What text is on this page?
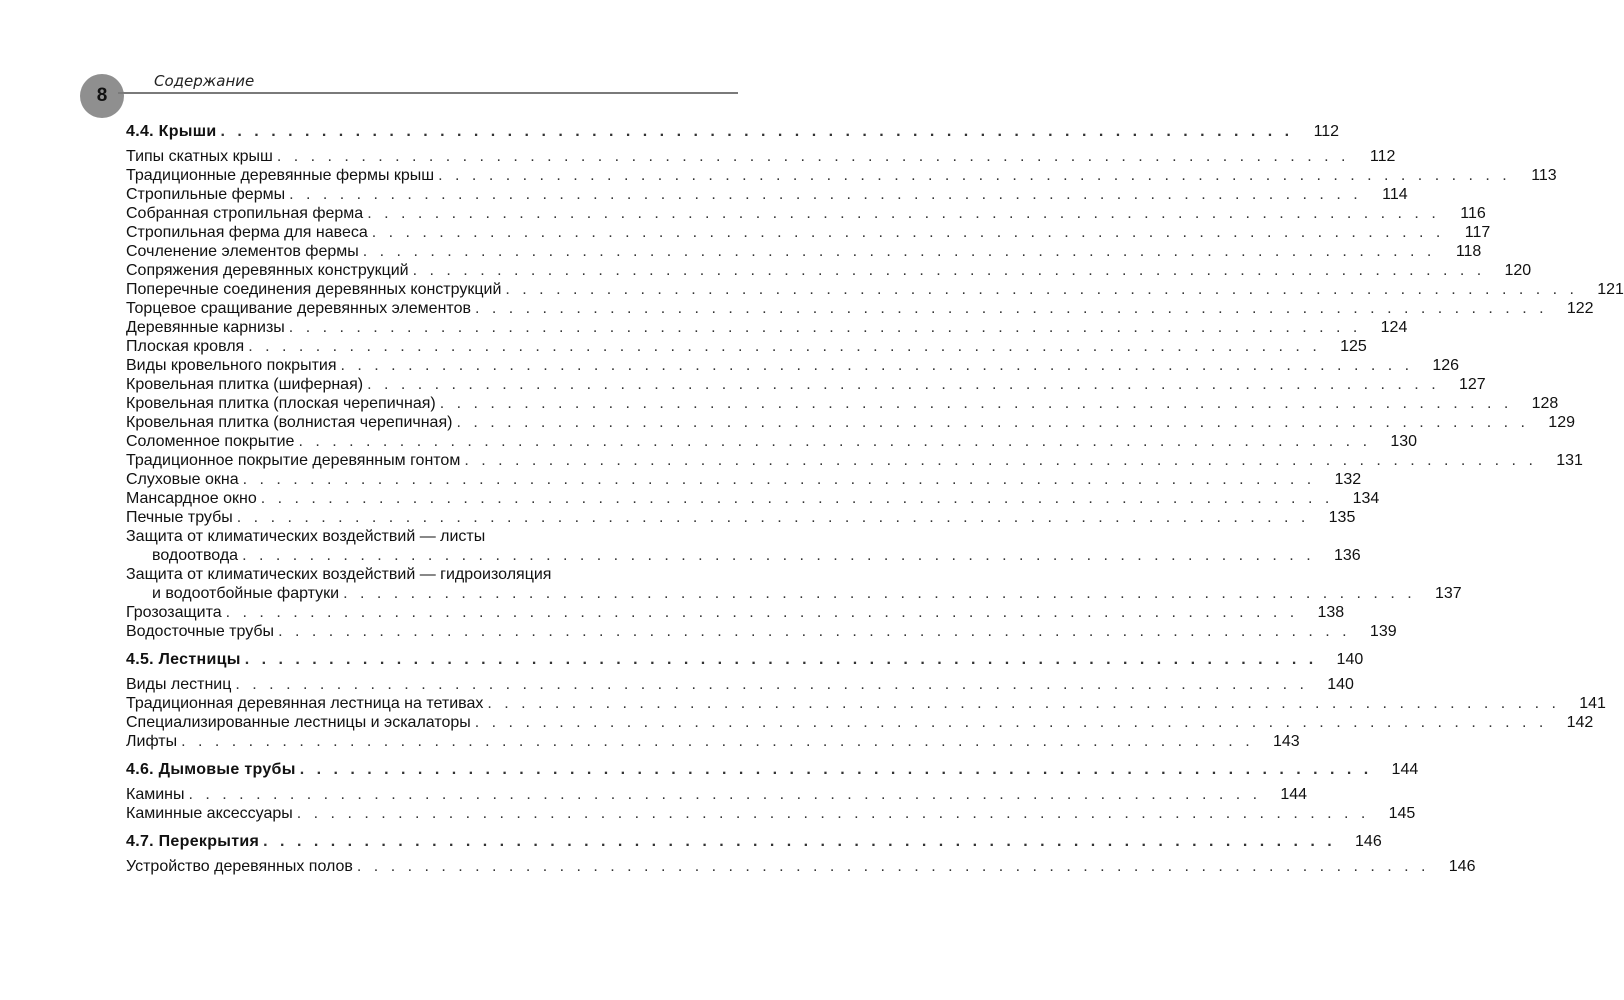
8
Содержание
4.4. Крыши . . . . . . . . . . . . . . . . . . . . . . . . . . . . . . . . . . . . . . . . . . . . . . . . . . . . . . . . . . . . . . . .	112
Типы скатных крыш . . . . . . . . . . . . . . . . . . . . . . . . . . . . . . . . . . . . . . . . . . . . . . . . . . . . . . . . . . . . . . . .	112
Традиционные деревянные фермы крыш . . . . . . . . . . . . . . . . . . . . . . . . . . . . . . . . . . . . . . . . . . . . . . . . . . . . . . . . . . . . . . . .	113
Стропильные фермы . . . . . . . . . . . . . . . . . . . . . . . . . . . . . . . . . . . . . . . . . . . . . . . . . . . . . . . . . . . . . . . .	114
Собранная стропильная ферма . . . . . . . . . . . . . . . . . . . . . . . . . . . . . . . . . . . . . . . . . . . . . . . . . . . . . . . . . . . . . . . .	116
Стропильная ферма для навеса . . . . . . . . . . . . . . . . . . . . . . . . . . . . . . . . . . . . . . . . . . . . . . . . . . . . . . . . . . . . . . . .	117
Сочленение элементов фермы . . . . . . . . . . . . . . . . . . . . . . . . . . . . . . . . . . . . . . . . . . . . . . . . . . . . . . . . . . . . . . . .	118
Сопряжения деревянных конструкций . . . . . . . . . . . . . . . . . . . . . . . . . . . . . . . . . . . . . . . . . . . . . . . . . . . . . . . . . . . . . . . .	120
Поперечные соединения деревянных конструкций . . . . . . . . . . . . . . . . . . . . . . . . . . . . . . . . . . . . . . . . . . . . . . . . . . . . . . . . . . . . . . . .	121
Торцевое сращивание деревянных элементов . . . . . . . . . . . . . . . . . . . . . . . . . . . . . . . . . . . . . . . . . . . . . . . . . . . . . . . . . . . . . . . .	122
Деревянные карнизы . . . . . . . . . . . . . . . . . . . . . . . . . . . . . . . . . . . . . . . . . . . . . . . . . . . . . . . . . . . . . . . .	124
Плоская кровля . . . . . . . . . . . . . . . . . . . . . . . . . . . . . . . . . . . . . . . . . . . . . . . . . . . . . . . . . . . . . . . .	125
Виды кровельного покрытия . . . . . . . . . . . . . . . . . . . . . . . . . . . . . . . . . . . . . . . . . . . . . . . . . . . . . . . . . . . . . . . .	126
Кровельная плитка (шиферная) . . . . . . . . . . . . . . . . . . . . . . . . . . . . . . . . . . . . . . . . . . . . . . . . . . . . . . . . . . . . . . . .	127
Кровельная плитка (плоская черепичная) . . . . . . . . . . . . . . . . . . . . . . . . . . . . . . . . . . . . . . . . . . . . . . . . . . . . . . . . . . . . . . . .	128
Кровельная плитка (волнистая черепичная) . . . . . . . . . . . . . . . . . . . . . . . . . . . . . . . . . . . . . . . . . . . . . . . . . . . . . . . . . . . . . . . .	129
Соломенное покрытие . . . . . . . . . . . . . . . . . . . . . . . . . . . . . . . . . . . . . . . . . . . . . . . . . . . . . . . . . . . . . . . .	130
Традиционное покрытие деревянным гонтом . . . . . . . . . . . . . . . . . . . . . . . . . . . . . . . . . . . . . . . . . . . . . . . . . . . . . . . . . . . . . . . .	131
Слуховые окна . . . . . . . . . . . . . . . . . . . . . . . . . . . . . . . . . . . . . . . . . . . . . . . . . . . . . . . . . . . . . . . .	132
Мансардное окно . . . . . . . . . . . . . . . . . . . . . . . . . . . . . . . . . . . . . . . . . . . . . . . . . . . . . . . . . . . . . . . .	134
Печные трубы . . . . . . . . . . . . . . . . . . . . . . . . . . . . . . . . . . . . . . . . . . . . . . . . . . . . . . . . . . . . . . . .	135
Защита от климатических воздействий — листы
водоотвода . . . . . . . . . . . . . . . . . . . . . . . . . . . . . . . . . . . . . . . . . . . . . . . . . . . . . . . . . . . . . . . .	136
Защита от климатических воздействий — гидроизоляция
и водоотбойные фартуки . . . . . . . . . . . . . . . . . . . . . . . . . . . . . . . . . . . . . . . . . . . . . . . . . . . . . . . . . . . . . . . .	137
Грозозащита . . . . . . . . . . . . . . . . . . . . . . . . . . . . . . . . . . . . . . . . . . . . . . . . . . . . . . . . . . . . . . . .	138
Водосточные трубы . . . . . . . . . . . . . . . . . . . . . . . . . . . . . . . . . . . . . . . . . . . . . . . . . . . . . . . . . . . . . . . .	139
4.5. Лестницы . . . . . . . . . . . . . . . . . . . . . . . . . . . . . . . . . . . . . . . . . . . . . . . . . . . . . . . . . . . . . . . .	140
Виды лестниц . . . . . . . . . . . . . . . . . . . . . . . . . . . . . . . . . . . . . . . . . . . . . . . . . . . . . . . . . . . . . . . .	140
Традиционная деревянная лестница на тетивах . . . . . . . . . . . . . . . . . . . . . . . . . . . . . . . . . . . . . . . . . . . . . . . . . . . . . . . . . . . . . . . .	141
Специализированные лестницы и эскалаторы . . . . . . . . . . . . . . . . . . . . . . . . . . . . . . . . . . . . . . . . . . . . . . . . . . . . . . . . . . . . . . . .	142
Лифты . . . . . . . . . . . . . . . . . . . . . . . . . . . . . . . . . . . . . . . . . . . . . . . . . . . . . . . . . . . . . . . .	143
4.6. Дымовые трубы . . . . . . . . . . . . . . . . . . . . . . . . . . . . . . . . . . . . . . . . . . . . . . . . . . . . . . . . . . . . . . . .	144
Камины . . . . . . . . . . . . . . . . . . . . . . . . . . . . . . . . . . . . . . . . . . . . . . . . . . . . . . . . . . . . . . . .	144
Каминные аксессуары . . . . . . . . . . . . . . . . . . . . . . . . . . . . . . . . . . . . . . . . . . . . . . . . . . . . . . . . . . . . . . . .	145
4.7. Перекрытия . . . . . . . . . . . . . . . . . . . . . . . . . . . . . . . . . . . . . . . . . . . . . . . . . . . . . . . . . . . . . . . .	146
Устройство деревянных полов . . . . . . . . . . . . . . . . . . . . . . . . . . . . . . . . . . . . . . . . . . . . . . . . . . . . . . . . . . . . . . . .	146
